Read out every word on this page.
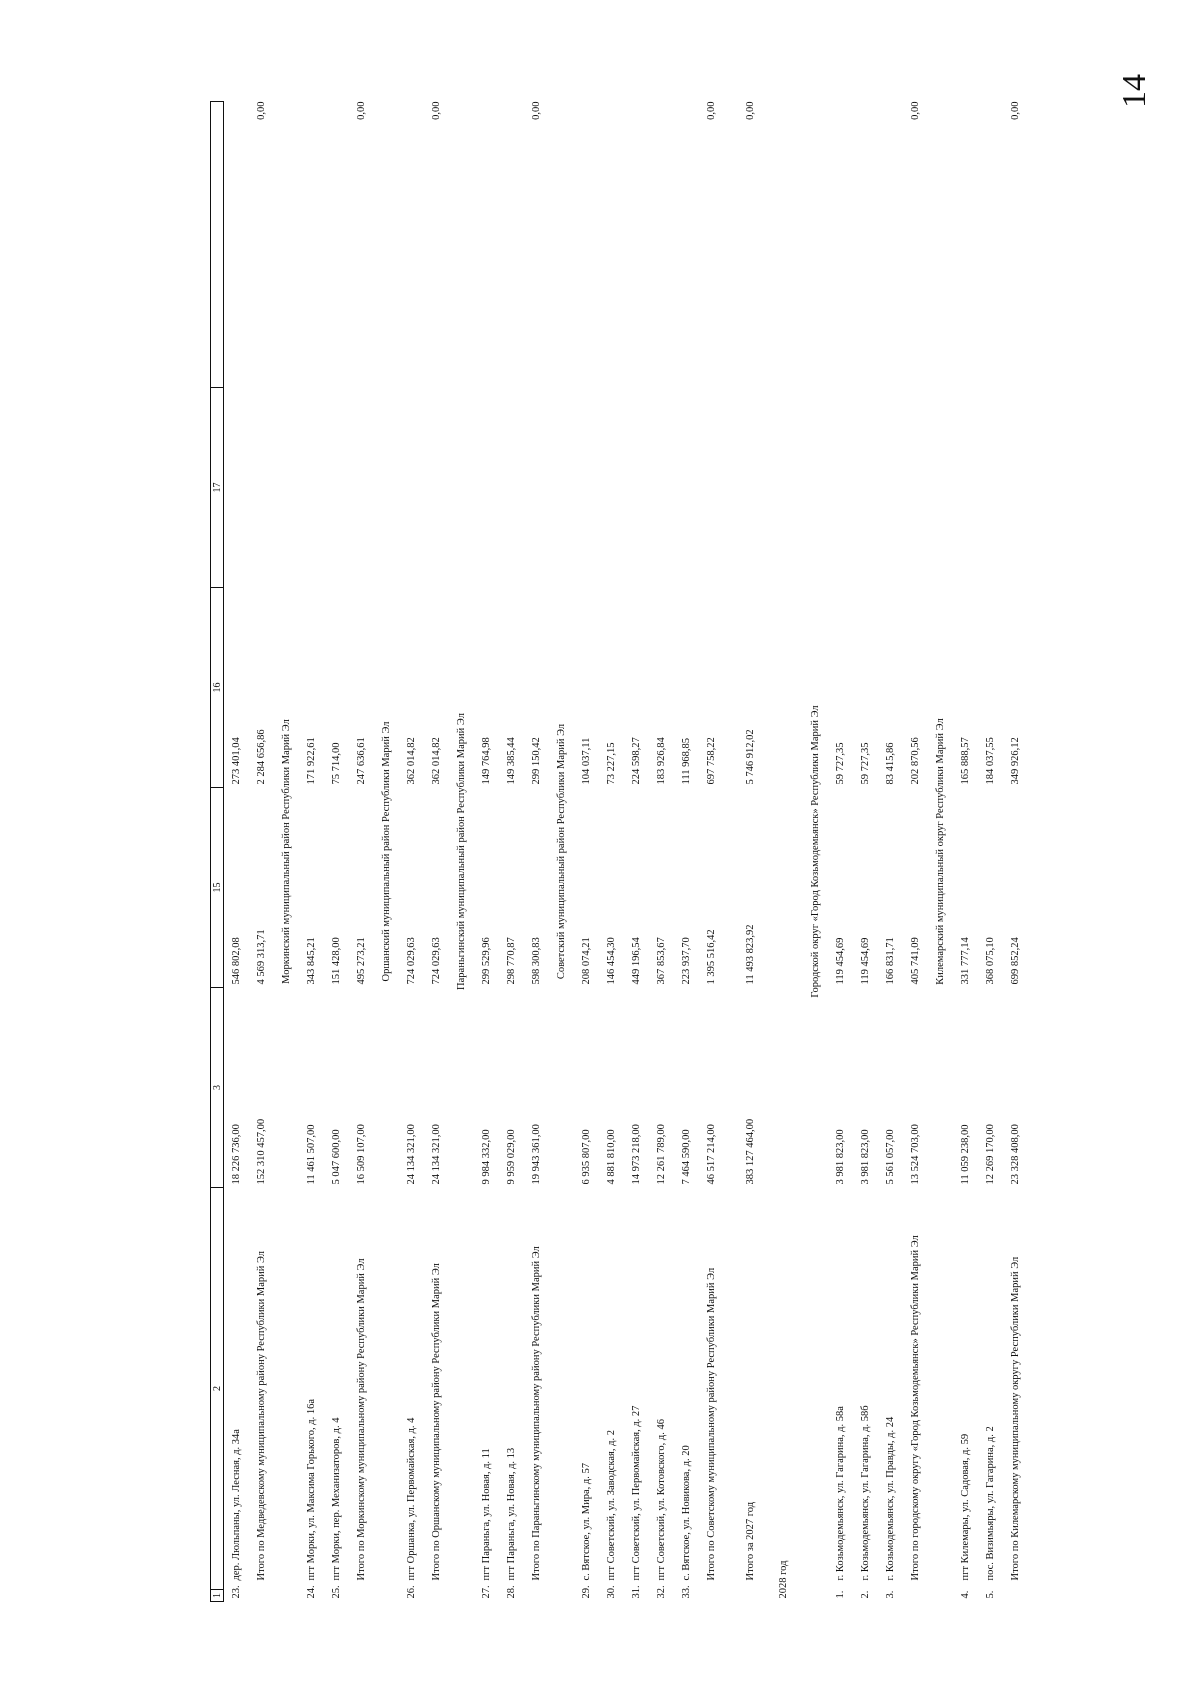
14
1	2	3	15	16	17	
23.дер. Люльпаны, ул. Лесная, д. 34а		18 226 736,00	546 802,08	273 401,04		
Итого по Медведевскому муниципальному району Республики Марий Эл		152 310 457,00	4 569 313,71	2 284 656,86		0,00
Моркинский муниципальный район Республики Марий Эл						
24.пгт Морки, ул. Максима Горького, д. 16а		11 461 507,00	343 845,21	171 922,61		
25.пгт Морки, пер. Механизаторов, д. 4		5 047 600,00	151 428,00	75 714,00		
Итого по Моркинскому муниципальному району Республики Марий Эл		16 509 107,00	495 273,21	247 636,61		0,00
Оршанский муниципальный район Республики Марий Эл						
26.пгт Оршанка, ул. Первомайская, д. 4		24 134 321,00	724 029,63	362 014,82		
Итого по Оршанскому муниципальному району Республики Марий Эл		24 134 321,00	724 029,63	362 014,82		0,00
Параньгинский муниципальный район Республики Марий Эл						
27.пгт Параньга, ул. Новая, д. 11		9 984 332,00	299 529,96	149 764,98		
28.пгт Параньга, ул. Новая, д. 13		9 959 029,00	298 770,87	149 385,44		
Итого по Параньгинскому муниципальному району Республики Марий Эл		19 943 361,00	598 300,83	299 150,42		0,00
Советский муниципальный район Республики Марий Эл						
29.с. Вятское, ул. Мира, д. 57		6 935 807,00	208 074,21	104 037,11		
30.пгт Советский, ул. Заводская, д. 2		4 881 810,00	146 454,30	73 227,15		
31.пгт Советский, ул. Первомайская, д. 27		14 973 218,00	449 196,54	224 598,27		
32.пгт Советский, ул. Котовского, д. 46		12 261 789,00	367 853,67	183 926,84		
33.с. Вятское, ул. Новикова, д. 20		7 464 590,00	223 937,70	111 968,85		
Итого по Советскому муниципальному району Республики Марий Эл		46 517 214,00	1 395 516,42	697 758,22		0,00

Итого за 2027 год		383 127 464,00	11 493 823,92	5 746 912,02		0,00
2028 год						
Городской округ «Город Козьмодемьянск» Республики Марий Эл						
1.г. Козьмодемьянск, ул. Гагарина, д. 58а		3 981 823,00	119 454,69	59 727,35		
2.г. Козьмодемьянск, ул. Гагарина, д. 58б		3 981 823,00	119 454,69	59 727,35		
3.г. Козьмодемьянск, ул. Правды, д. 24		5 561 057,00	166 831,71	83 415,86		
Итого по городскому округу «Город Козьмодемьянск» Республики Марий Эл		13 524 703,00	405 741,09	202 870,56		0,00
Килемарский муниципальный округ Республики Марий Эл						
4.пгт Килемары, ул. Садовая, д. 59		11 059 238,00	331 777,14	165 888,57		
5.пос. Визимьяры, ул. Гагарина, д. 2		12 269 170,00	368 075,10	184 037,55		
Итого по Килемарскому муниципальному округу Республики Марий Эл		23 328 408,00	699 852,24	349 926,12		0,00
